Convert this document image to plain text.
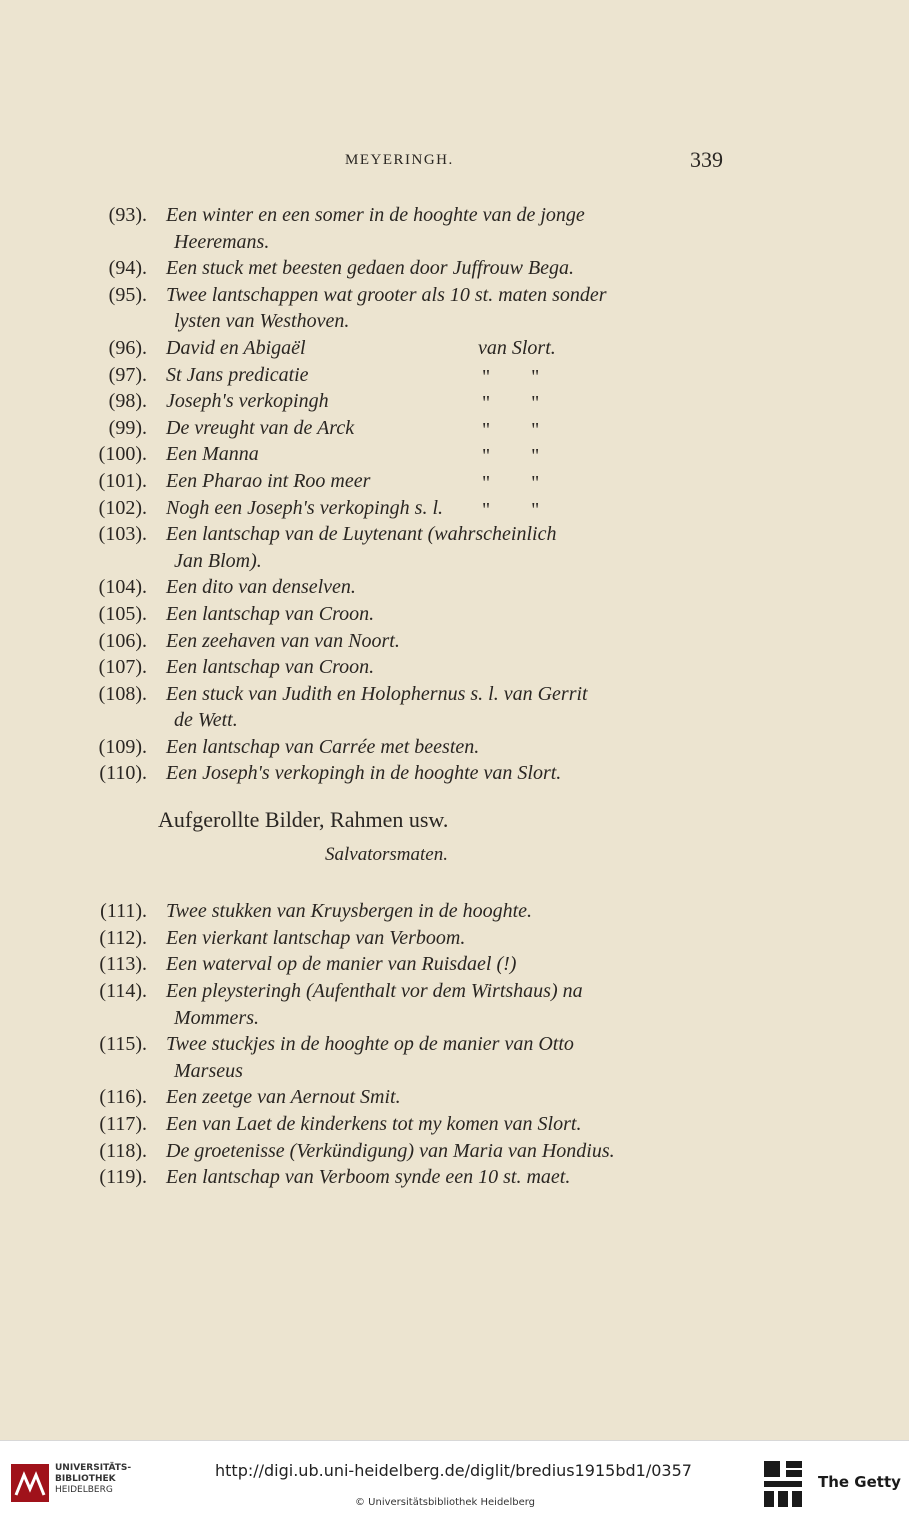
MEYERINGH.	339
(93). Een winter en een somer in de hooghte van de jonge
Heeremans.
(94). Een stuck met beesten gedaen door Juffrouw Bega.
(95). Twee lantschappen wat grooter als 10 st. maten sonder
lysten van Westhoven.
(96). David en Abigaël	van Slort.
(97). St Jans predicatie	" "
(98). Joseph's verkopingh	" "
(99). De vreught van de Arck	" "
(100). Een Manna	" "
(101). Een Pharao int Roo meer	" "
(102). Nogh een Joseph's verkopingh s. l. " "
(103). Een lantschap van de Luytenant (wahrscheinlich
Jan Blom).
(104). Een dito van denselven.
(105). Een lantschap van Croon.
(106). Een zeehaven van van Noort.
(107). Een lantschap van Croon.
(108). Een stuck van Judith en Holophernus s. l. van Gerrit
de Wett.
(109). Een lantschap van Carrée met beesten.
(110). Een Joseph's verkopingh in de hooghte van Slort.
Aufgerollte Bilder, Rahmen usw.
Salvatorsmaten.
(111). Twee stukken van Kruysbergen in de hooghte.
(112). Een vierkant lantschap van Verboom.
(113). Een waterval op de manier van Ruisdael (!)
(114). Een pleysteringh (Aufenthalt vor dem Wirtshaus) na
Mommers.
(115). Twee stuckjes in de hooghte op de manier van Otto
Marseus
(116). Een zeetge van Aernout Smit.
(117). Een van Laet de kinderkens tot my komen van Slort.
(118). De groetenisse (Verkündigung) van Maria van Hondius.
(119). Een lantschap van Verboom synde een 10 st. maet.
UNIVERSITÄTS-
BIBLIOTHEK
HEIDELBERG
http://digi.ub.uni-heidelberg.de/diglit/bredius1915bd1/0357
© Universitätsbibliothek Heidelberg
The Getty
